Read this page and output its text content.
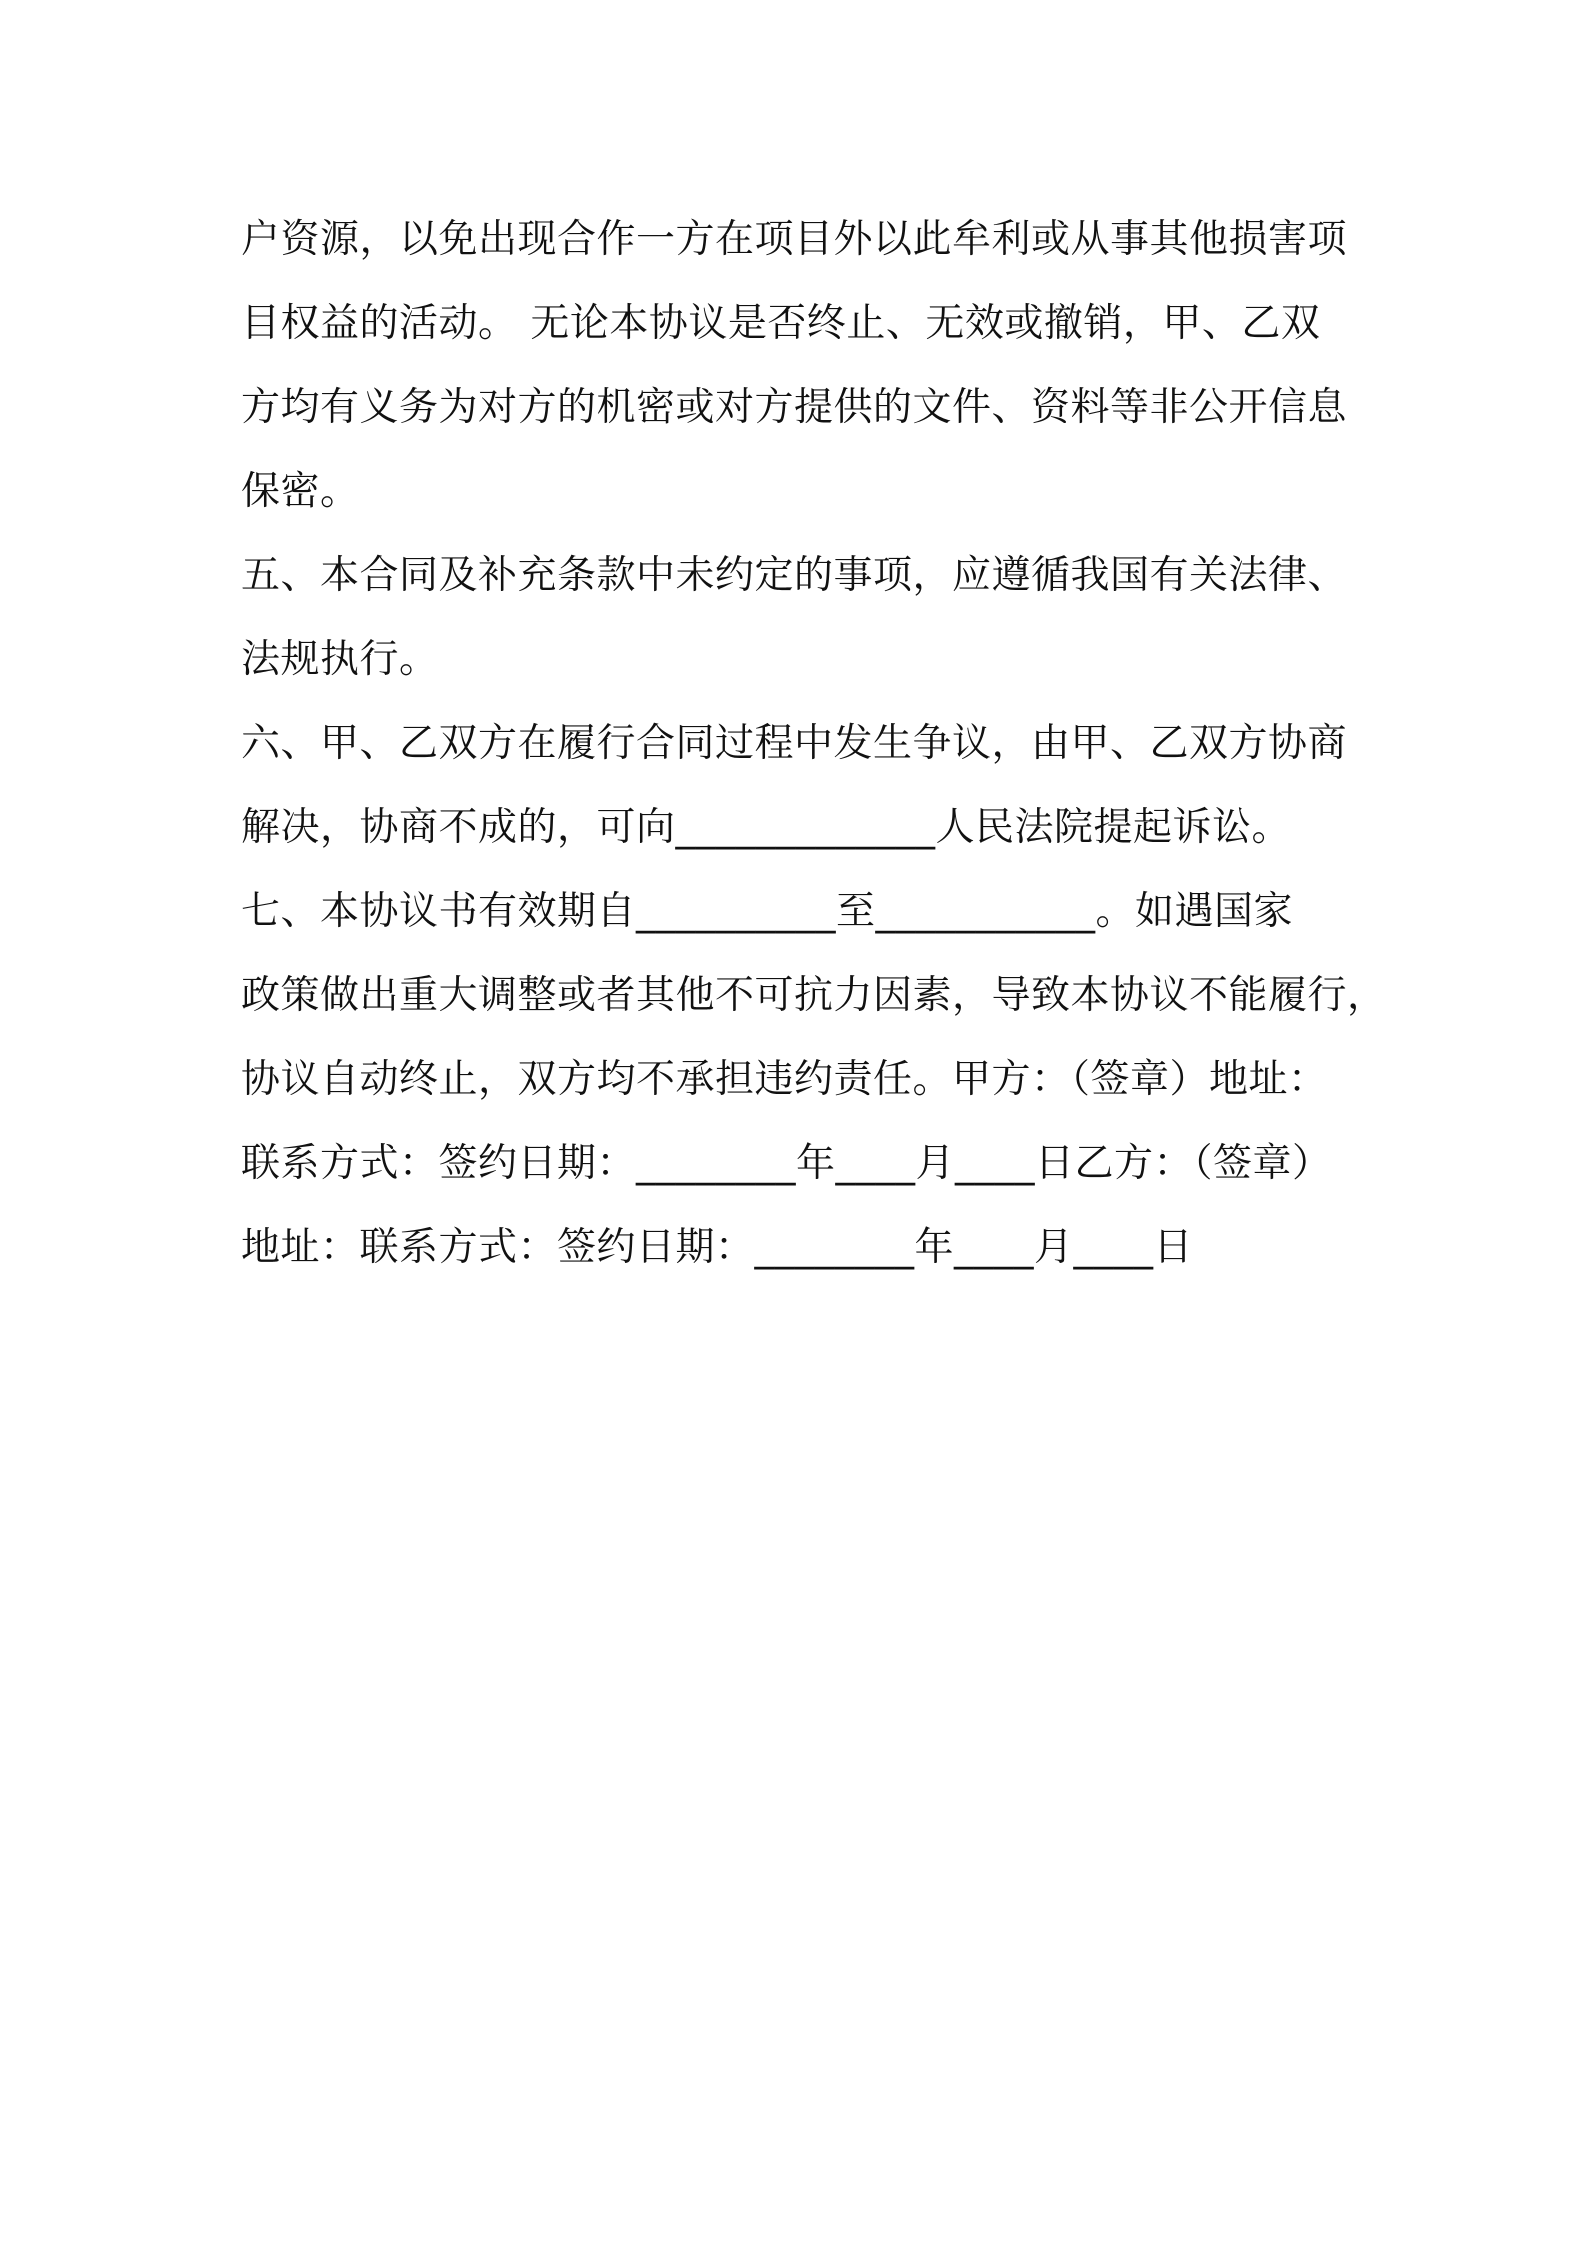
户资源，以免出现合作一方在项目外以此牟利或从事其他损害项
目权益的活动。 无论本协议是否终止、无效或撤销，甲、乙双
方均有义务为对方的机密或对方提供的文件、资料等非公开信息
保密。
五、本合同及补充条款中未约定的事项，应遵循我国有关法律、
法规执行。
六、甲、乙双方在履行合同过程中发生争议，由甲、乙双方协商
解决，协商不成的，可向_____________人民法院提起诉讼。
七、本协议书有效期自__________至___________。如遇国家
政策做出重大调整或者其他不可抗力因素，导致本协议不能履行，
协议自动终止，双方均不承担违约责任。甲方：（签章）地址：
联系方式：签约日期：________年____月____日乙方：（签章）
地址：联系方式：签约日期：________年____月____日
